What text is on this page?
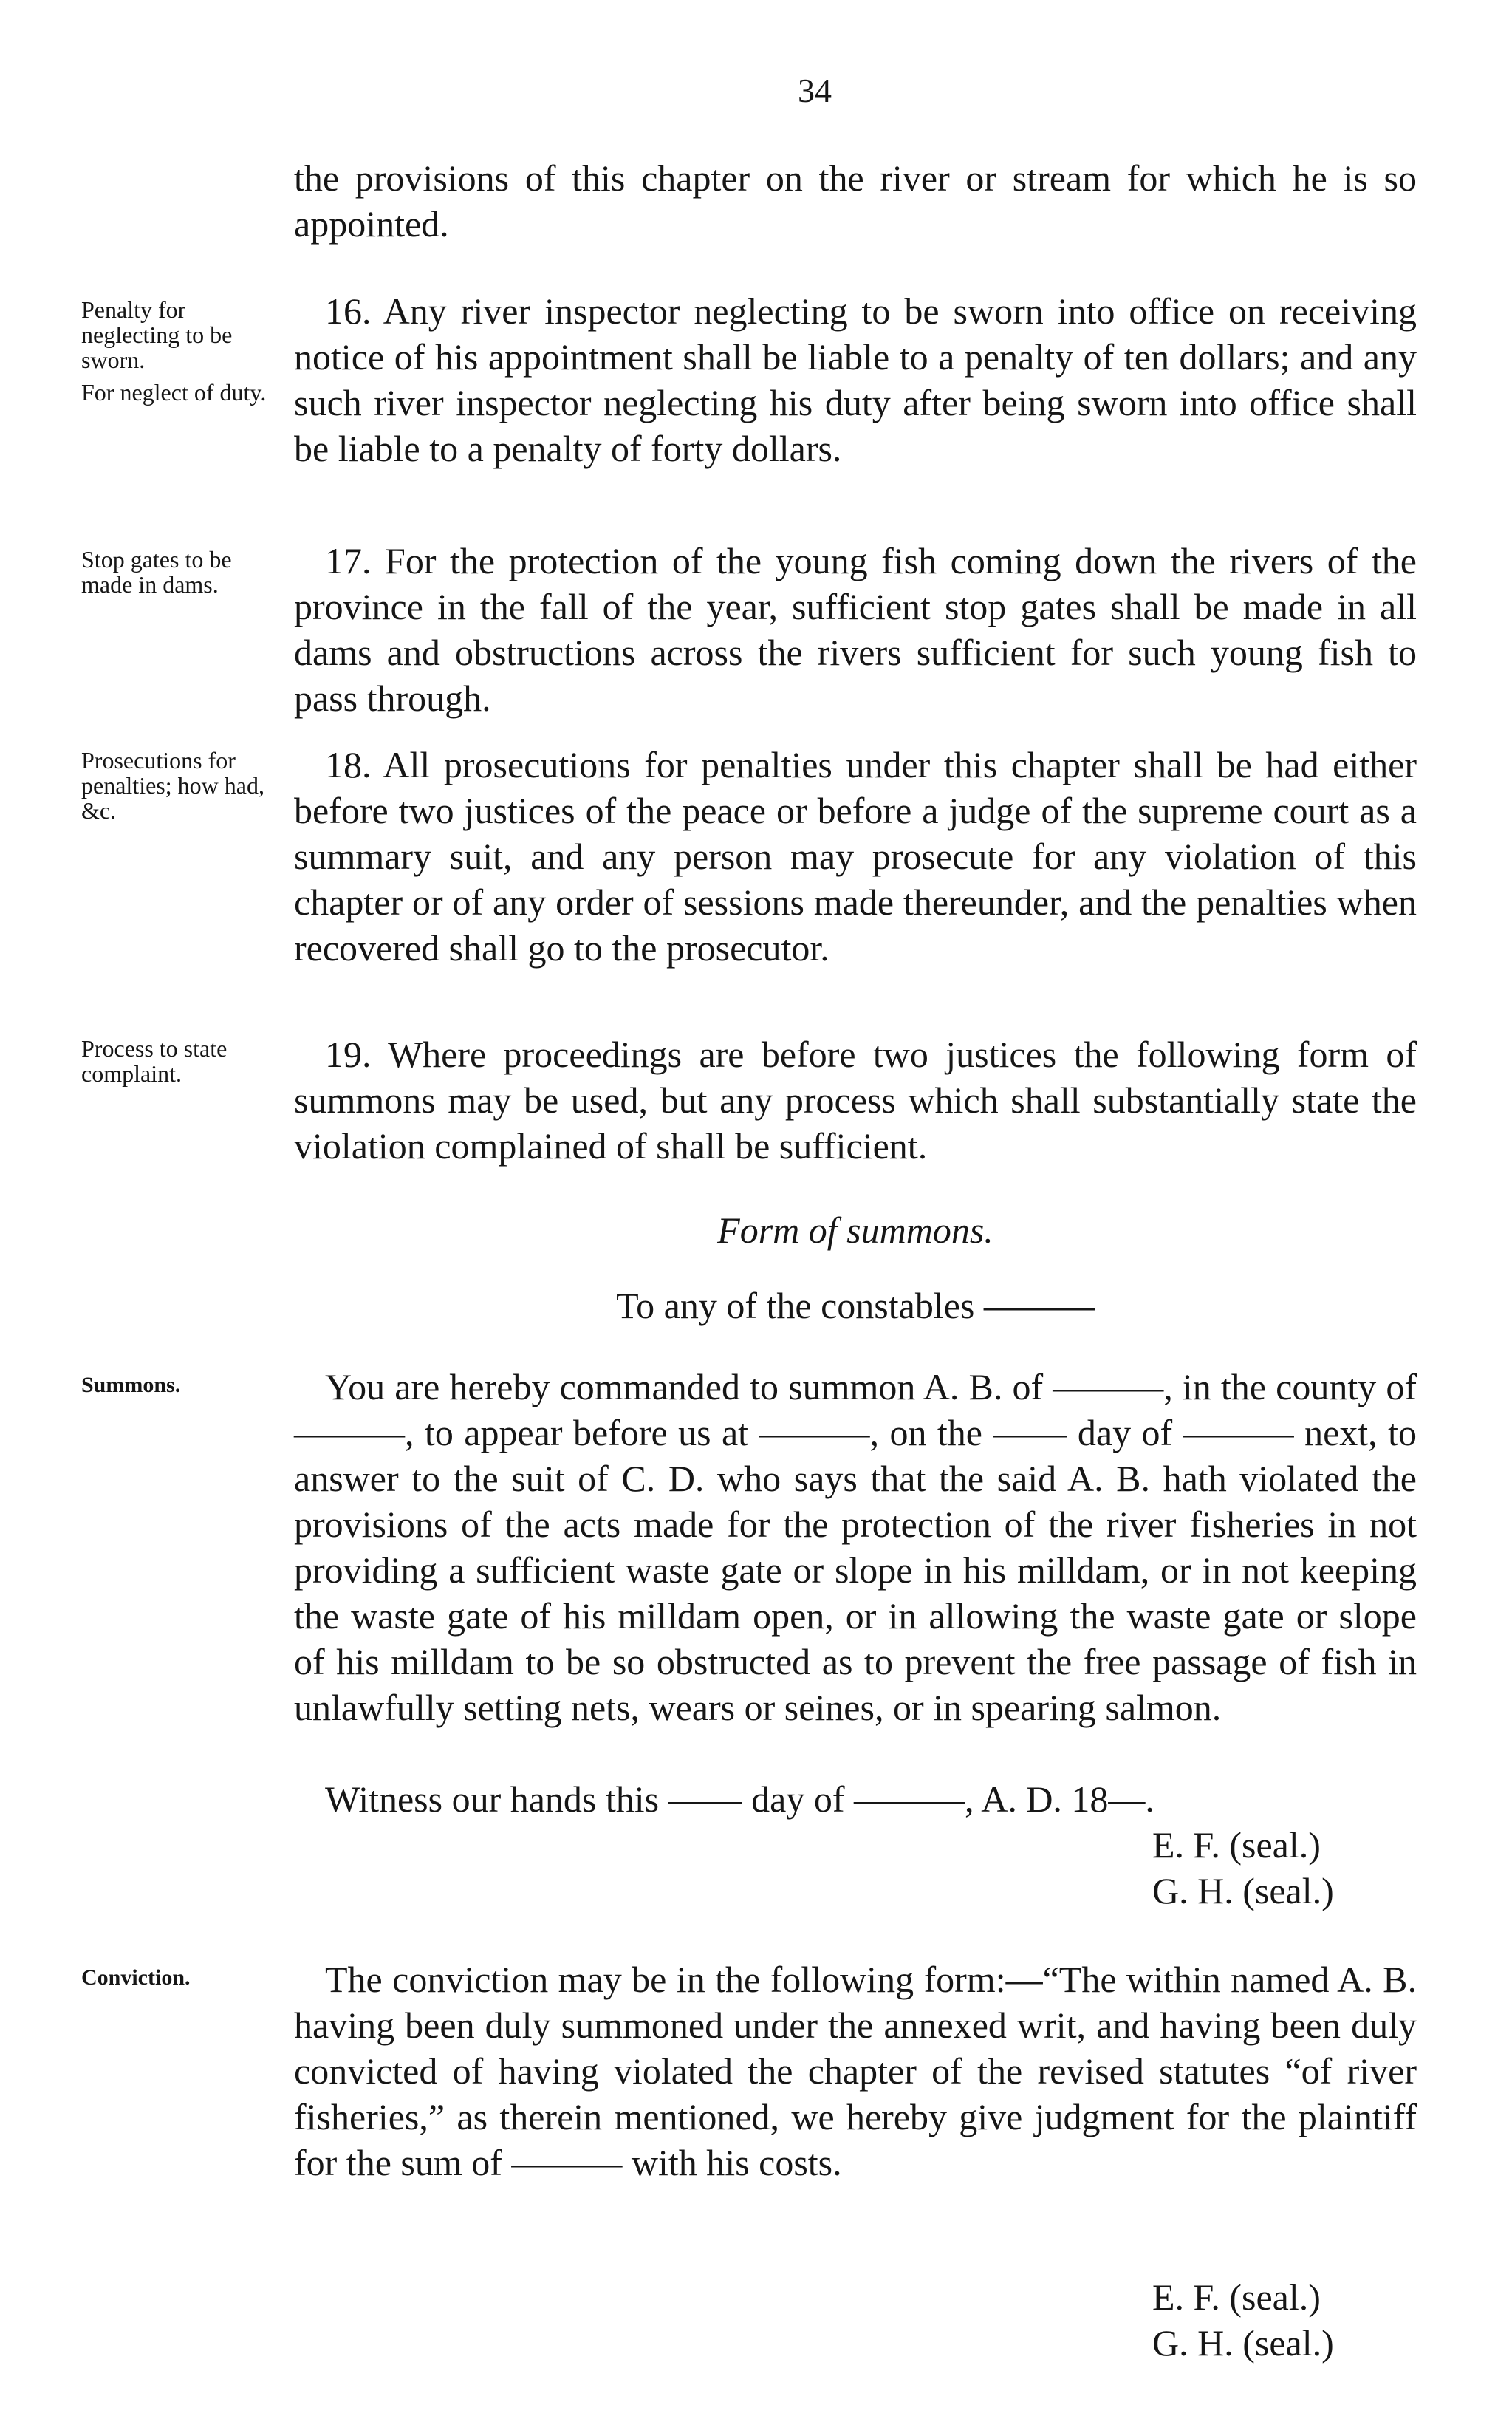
34

the provisions of this chapter on the river or stream for which he is so appointed.

Penalty for neglecting to be sworn.

For neglect of duty.

16. Any river inspector neglecting to be sworn into office on receiving notice of his appointment shall be liable to a penalty of ten dollars; and any such river inspector neglecting his duty after being sworn into office shall be liable to a penalty of forty dollars.

Stop gates to be made in dams.

17. For the protection of the young fish coming down the rivers of the province in the fall of the year, sufficient stop gates shall be made in all dams and obstructions across the rivers sufficient for such young fish to pass through.

Prosecutions for penalties; how had, &c.

18. All prosecutions for penalties under this chapter shall be had either before two justices of the peace or before a judge of the supreme court as a summary suit, and any person may prosecute for any violation of this chapter or of any order of sessions made thereunder, and the penalties when recovered shall go to the prosecutor.

Process to state complaint.	19. Where proceedings are before two justices the following form of summons may be used, but any process which shall substantially state the violation complained of shall be sufficient.

Form of summons.

To any of the constables ———

Summons.	You are hereby commanded to summon A. B. of ———, in the county of ———, to appear before us at ———, on the —— day of ——— next, to answer to the suit of C. D. who says that the said A. B. hath violated the provisions of the acts made for the protection of the river fisheries in not providing a sufficient waste gate or slope in his milldam, or in not keeping the waste gate of his milldam open, or in allowing the waste gate or slope of his milldam to be so obstructed as to prevent the free passage of fish in unlawfully setting nets, wears or seines, or in spearing salmon.

Witness our hands this —— day of ———, A. D. 18—.

E. F. (seal.)
G. H. (seal.)

Conviction.	The conviction may be in the following form:—“The within named A. B. having been duly summoned under the annexed writ, and having been duly convicted of having violated the chapter of the revised statutes “of river fisheries,” as therein mentioned, we hereby give judgment for the plaintiff for the sum of ——— with his costs.

E. F. (seal.)
G. H. (seal.)
